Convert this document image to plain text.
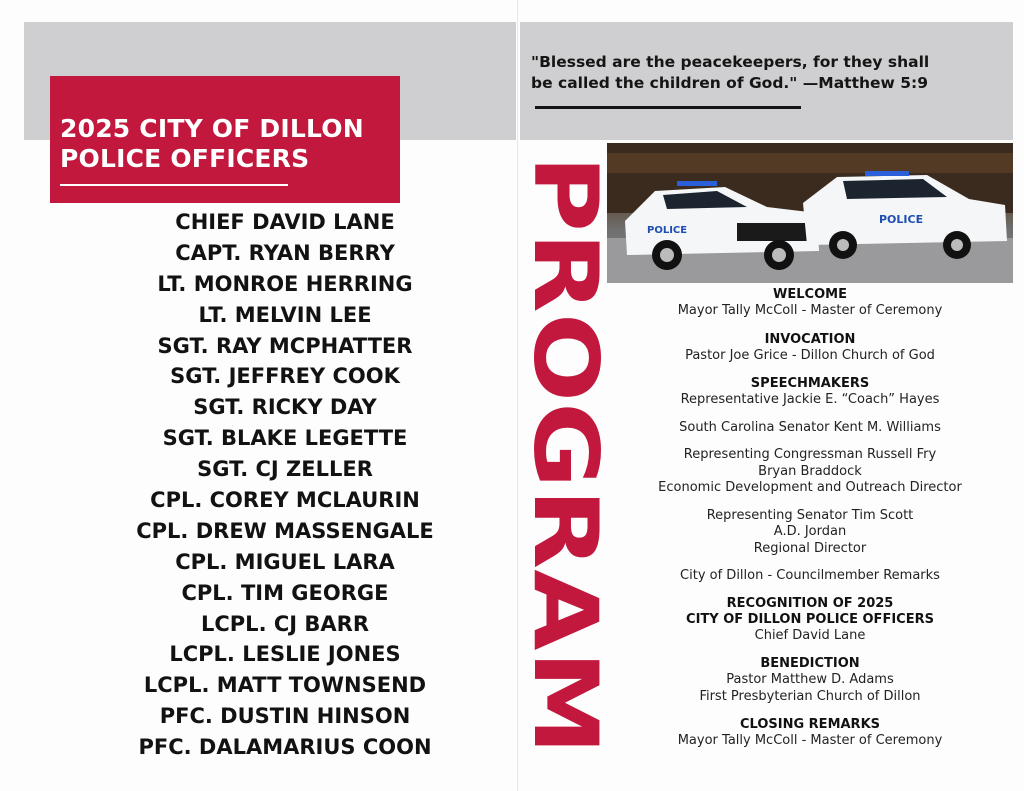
2025 CITY OF DILLON
POLICE OFFICERS
CHIEF DAVID LANE
CAPT. RYAN BERRY
LT. MONROE HERRING
LT. MELVIN LEE
SGT. RAY MCPHATTER
SGT. JEFFREY COOK
SGT. RICKY DAY
SGT. BLAKE LEGETTE
SGT. CJ ZELLER
CPL. COREY MCLAURIN
CPL. DREW MASSENGALE
CPL. MIGUEL LARA
CPL. TIM GEORGE
LCPL. CJ BARR
LCPL. LESLIE JONES
LCPL. MATT TOWNSEND
PFC. DUSTIN HINSON
PFC. DALAMARIUS COON
"Blessed are the peacekeepers, for they shall
be called the children of God." —Matthew 5:9
PROGRAM	POLICE
POLICE
WELCOME
Mayor Tally McColl - Master of Ceremony
INVOCATION
Pastor Joe Grice - Dillon Church of God
SPEECHMAKERS
Representative Jackie E. “Coach” Hayes
South Carolina Senator Kent M. Williams
Representing Congressman Russell Fry
Bryan Braddock
Economic Development and Outreach Director
Representing Senator Tim Scott
A.D. Jordan
Regional Director
City of Dillon - Councilmember Remarks
RECOGNITION OF 2025
CITY OF DILLON POLICE OFFICERS
Chief David Lane
BENEDICTION
Pastor Matthew D. Adams
First Presbyterian Church of Dillon
CLOSING REMARKS
Mayor Tally McColl - Master of Ceremony
